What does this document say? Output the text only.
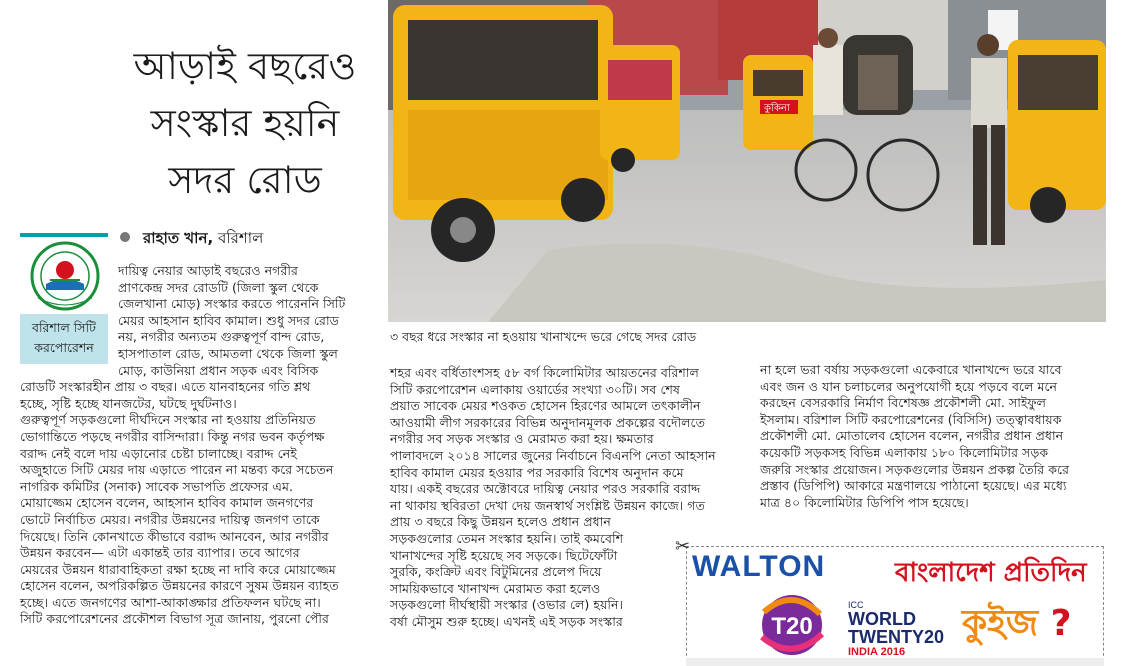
আড়াই বছরেও
সংস্কার হয়নি
সদর রোড
কুকিনা
৩ বছর ধরে সংস্কার না হওয়ায় খানাখন্দে ভরে গেছে সদর রোড
রাহাত খান, বরিশাল
বরিশাল সিটি
করপোরেশন
দায়িত্ব নেয়ার আড়াই বছরেও নগরীর
প্রাণকেন্দ্র সদর রোডটি (জিলা স্কুল থেকে
জেলখানা মোড়) সংস্কার করতে পারেননি সিটি
মেয়র আহসান হাবিব কামাল। শুধু সদর রোড
নয়, নগরীর অন্যতম গুরুত্বপূর্ণ বান্দ রোড,
হাসপাতাল রোড, আমতলা থেকে জিলা স্কুল
মোড়, কাউনিয়া প্রধান সড়ক এবং বিসিক
রোডটি সংস্কারহীন প্রায় ৩ বছর। এতে যানবাহনের গতি শ্লথ
হচ্ছে, সৃষ্টি হচ্ছে যানজটের, ঘটছে দুর্ঘটনাও।
গুরুত্বপূর্ণ সড়কগুলো দীর্ঘদিনে সংস্কার না হওয়ায় প্রতিনিয়ত
ভোগান্তিতে পড়ছে নগরীর বাসিন্দারা। কিন্তু নগর ভবন কর্তৃপক্ষ
বরাদ্দ নেই বলে দায় এড়ানোর চেষ্টা চালাচ্ছে। বরাদ্দ নেই
অজুহাতে সিটি মেয়র দায় এড়াতে পারেন না মন্তব্য করে সচেতন
নাগরিক কমিটির (সনাক) সাবেক সভাপতি প্রফেসর এম.
মোয়াজ্জেম হোসেন বলেন, আহসান হাবিব কামাল জনগণের
ভোটে নির্বাচিত মেয়র। নগরীর উন্নয়নের দায়িত্ব জনগণ তাকে
দিয়েছে। তিনি কোনখাতে কীভাবে বরাদ্দ আনবেন, আর নগরীর
উন্নয়ন করবেন— এটা একান্তই তার ব্যাপার। তবে আগের
মেয়রের উন্নয়ন ধারাবাহিকতা রক্ষা হচ্ছে না দাবি করে মোয়াজ্জেম
হোসেন বলেন, অপরিকল্পিত উন্নয়নের কারণে সুষম উন্নয়ন ব্যাহত
হচ্ছে। এতে জনগণের আশা-আকাঙ্ক্ষার প্রতিফলন ঘটছে না।
সিটি করপোরেশনের প্রকৌশল বিভাগ সূত্র জানায়, পুরনো পৌর
শহর এবং বর্ধিতাংশসহ ৫৮ বর্গ কিলোমিটার আয়তনের বরিশাল
সিটি করপোরেশন এলাকায় ওয়ার্ডের সংখ্যা ৩০টি। সব শেষ
প্রয়াত সাবেক মেয়র শওকত হোসেন হিরণের আমলে তৎকালীন
আওয়ামী লীগ সরকারের বিভিন্ন অনুদানমূলক প্রকল্পের বদৌলতে
নগরীর সব সড়ক সংস্কার ও মেরামত করা হয়। ক্ষমতার
পালাবদলে ২০১৪ সালের জুনের নির্বাচনে বিএনপি নেতা আহসান
হাবিব কামাল মেয়র হওয়ার পর সরকারি বিশেষ অনুদান কমে
যায়। একই বছরের অক্টোবরে দায়িত্ব নেয়ার পরও সরকারি বরাদ্দ
না থাকায় স্থবিরতা দেখা দেয় জনস্বার্থ সংশ্লিষ্ট উন্নয়ন কাজে। গত
প্রায় ৩ বছরে কিছু উন্নয়ন হলেও প্রধান প্রধান
সড়কগুলোর তেমন সংস্কার হয়নি। তাই কমবেশি
খানাখন্দের সৃষ্টি হয়েছে সব সড়কে। ছিটেফোঁটা
সুরকি, কংক্রিট এবং বিটুমিনের প্রলেপ দিয়ে
সাময়িকভাবে খানাখন্দ মেরামত করা হলেও
সড়কগুলো দীর্ঘস্থায়ী সংস্কার (ওভার লে) হয়নি।
বর্ষা মৌসুম শুরু হচ্ছে। এখনই এই সড়ক সংস্কার
না হলে ভরা বর্ষায় সড়কগুলো একেবারে খানাখন্দে ভরে যাবে
এবং জন ও যান চলাচলের অনুপযোগী হয়ে পড়বে বলে মনে
করছেন বেসরকারি নির্মাণ বিশেষজ্ঞ প্রকৌশলী মো. সাইফুল
ইসলাম। বরিশাল সিটি করপোরেশনের (বিসিসি) তত্ত্বাবধায়ক
প্রকৌশলী মো. মোতালেব হোসেন বলেন, নগরীর প্রধান প্রধান
কয়েকটি সড়কসহ বিভিন্ন এলাকায় ১৮০ কিলোমিটার সড়ক
জরুরি সংস্কার প্রয়োজন। সড়কগুলোর উন্নয়ন প্রকল্প তৈরি করে
প্রস্তাব (ডিপিপি) আকারে মন্ত্রণালয়ে পাঠানো হয়েছে। এর মধ্যে
মাত্র ৪০ কিলোমিটার ডিপিপি পাস হয়েছে।
✂
WALTON	বাংলাদেশ প্রতিদিন
T20
ICC
WORLD
TWENTY20
INDIA 2016
কুইজ ?
